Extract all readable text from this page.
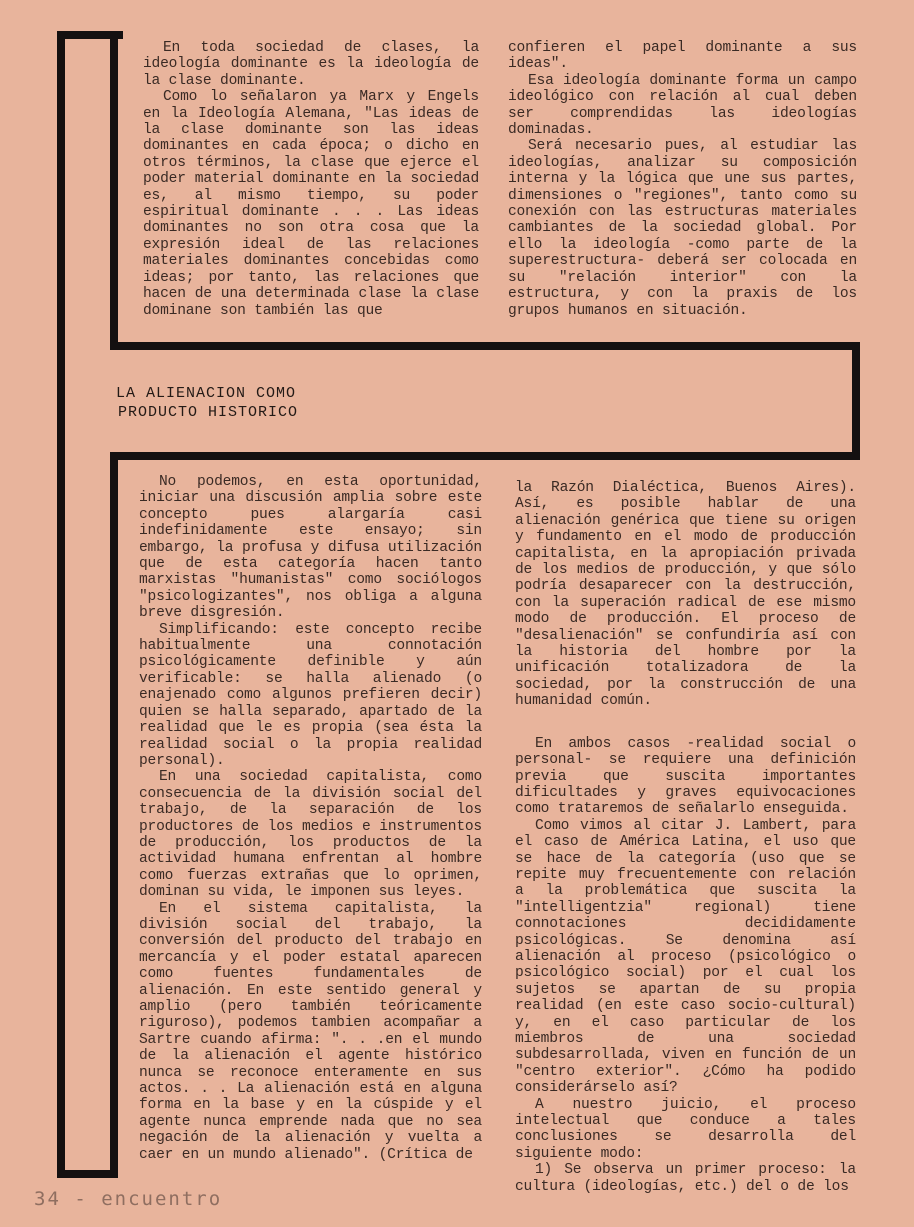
En toda sociedad de clases, la ideología dominante es la ideología de la clase dominante.

Como lo señalaron ya Marx y Engels en la Ideología Alemana, "Las ideas de la clase dominante son las ideas dominantes en cada época; o dicho en otros términos, la clase que ejerce el poder material dominante en la sociedad es, al mismo tiempo, su poder espiritual dominante . . . Las ideas dominantes no son otra cosa que la expresión ideal de las relaciones materiales dominantes concebidas como ideas; por tanto, las relaciones que hacen de una determinada clase la clase dominane son también las que

confieren el papel dominante a sus ideas".

Esa ideología dominante forma un campo ideológico con relación al cual deben ser comprendidas las ideologías dominadas.

Será necesario pues, al estudiar las ideologías, analizar su composición interna y la lógica que une sus partes, dimensiones o "regiones", tanto como su conexión con las estructuras materiales cambiantes de la sociedad global. Por ello la ideología -como parte de la superestructura- deberá ser colocada en su "relación interior" con la estructura, y con la praxis de los grupos humanos en situación.

LA ALIENACION COMO
PRODUCTO HISTORICO

No podemos, en esta oportunidad, iniciar una discusión amplia sobre este concepto pues alargaría casi indefinidamente este ensayo; sin embargo, la profusa y difusa utilización que de esta categoría hacen tanto marxistas "humanistas" como sociólogos "psicologizantes", nos obliga a alguna breve disgresión.

Simplificando: este concepto recibe habitualmente una connotación psicológicamente definible y aún verificable: se halla alienado (o enajenado como algunos prefieren decir) quien se halla separado, apartado de la realidad que le es propia (sea ésta la realidad social o la propia realidad personal).

En una sociedad capitalista, como consecuencia de la división social del trabajo, de la separación de los productores de los medios e instrumentos de producción, los productos de la actividad humana enfrentan al hombre como fuerzas extrañas que lo oprimen, dominan su vida, le imponen sus leyes.

En el sistema capitalista, la división social del trabajo, la conversión del producto del trabajo en mercancía y el poder estatal aparecen como fuentes fundamentales de alienación. En este sentido general y amplio (pero también teóricamente riguroso), podemos tambien acompañar a Sartre cuando afirma: ". . .en el mundo de la alienación el agente histórico nunca se reconoce enteramente en sus actos. . . La alienación está en alguna forma en la base y en la cúspide y el agente nunca emprende nada que no sea negación de la alienación y vuelta a caer en un mundo alienado". (Crítica de

la Razón Dialéctica, Buenos Aires). Así, es posible hablar de una alienación genérica que tiene su origen y fundamento en el modo de producción capitalista, en la apropiación privada de los medios de producción, y que sólo podría desaparecer con la destrucción, con la superación radical de ese mismo modo de producción. El proceso de "desalienación" se confundiría así con la historia del hombre por la unificación totalizadora de la sociedad, por la construcción de una humanidad común.

En ambos casos -realidad social o personal- se requiere una definición previa que suscita importantes dificultades y graves equivocaciones como trataremos de señalarlo enseguida.

Como vimos al citar J. Lambert, para el caso de América Latina, el uso que se hace de la categoría (uso que se repite muy frecuentemente con relación a la problemática que suscita la "intelligentzia" regional) tiene connotaciones decididamente psicológicas. Se denomina así alienación al proceso (psicológico o psicológico social) por el cual los sujetos se apartan de su propia realidad (en este caso socio-cultural) y, en el caso particular de los miembros de una sociedad subdesarrollada, viven en función de un "centro exterior". ¿Cómo ha podido considerárselo así?

A nuestro juicio, el proceso intelectual que conduce a tales conclusiones se desarrolla del siguiente modo:

1) Se observa un primer proceso: la cultura (ideologías, etc.) del o de los

34 - encuentro
